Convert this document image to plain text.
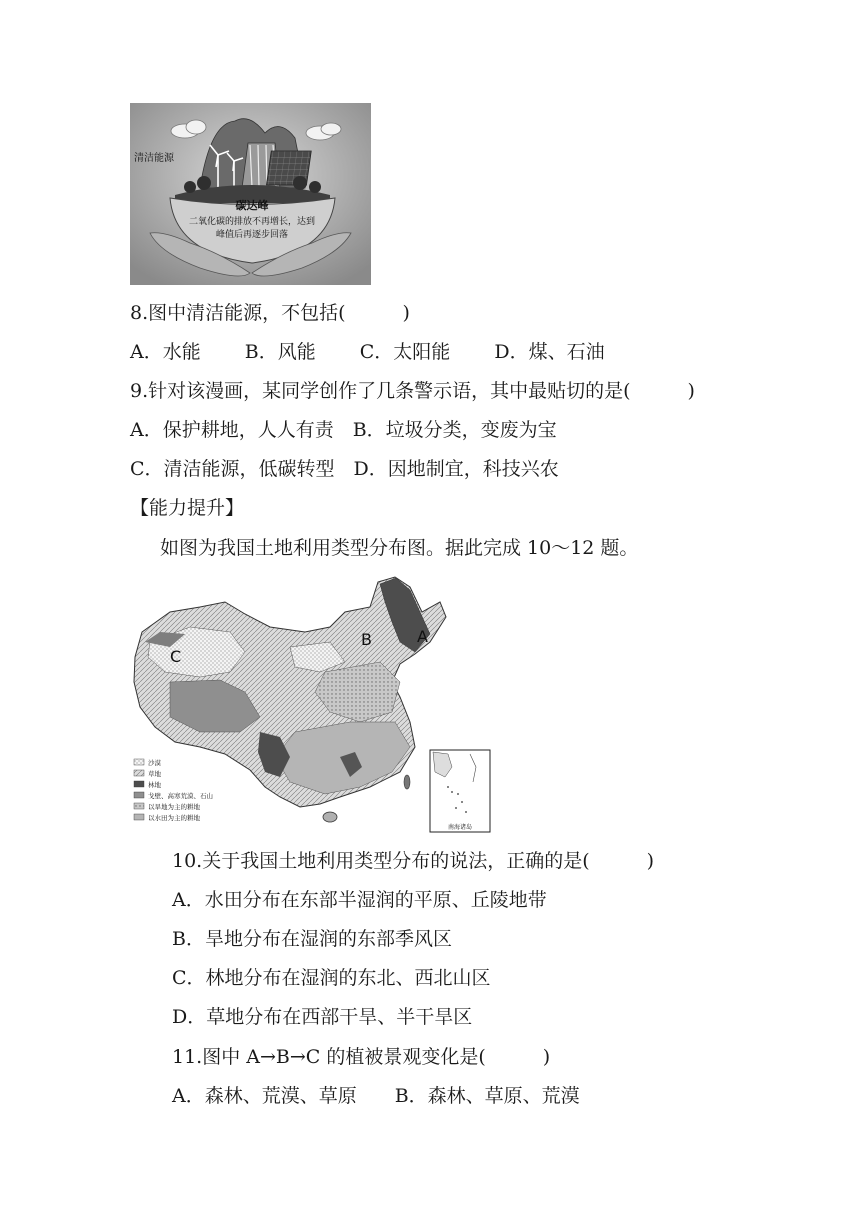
清洁能源
碳达峰
二氧化碳的排放不再增长，达到
峰值后再逐步回落
8.图中清洁能源，不包括(　　　)
A．水能　　 B．风能　　 C．太阳能　　 D．煤、石油
9.针对该漫画，某同学创作了几条警示语，其中最贴切的是(　　　)
A．保护耕地，人人有责　B．垃圾分类，变废为宝
C．清洁能源，低碳转型　D．因地制宜，科技兴农
【能力提升】
如图为我国土地利用类型分布图。据此完成 10～12 题。
A
B
C
沙漠
草地
林地
戈壁、高寒荒漠、石山
以旱地为主的耕地
以水田为主的耕地
南海诸岛
10.关于我国土地利用类型分布的说法，正确的是(　　　)
A．水田分布在东部半湿润的平原、丘陵地带
B．旱地分布在湿润的东部季风区
C．林地分布在湿润的东北、西北山区
D．草地分布在西部干旱、半干旱区
11.图中 A→B→C 的植被景观变化是(　　　)
A．森林、荒漠、草原　　B．森林、草原、荒漠
